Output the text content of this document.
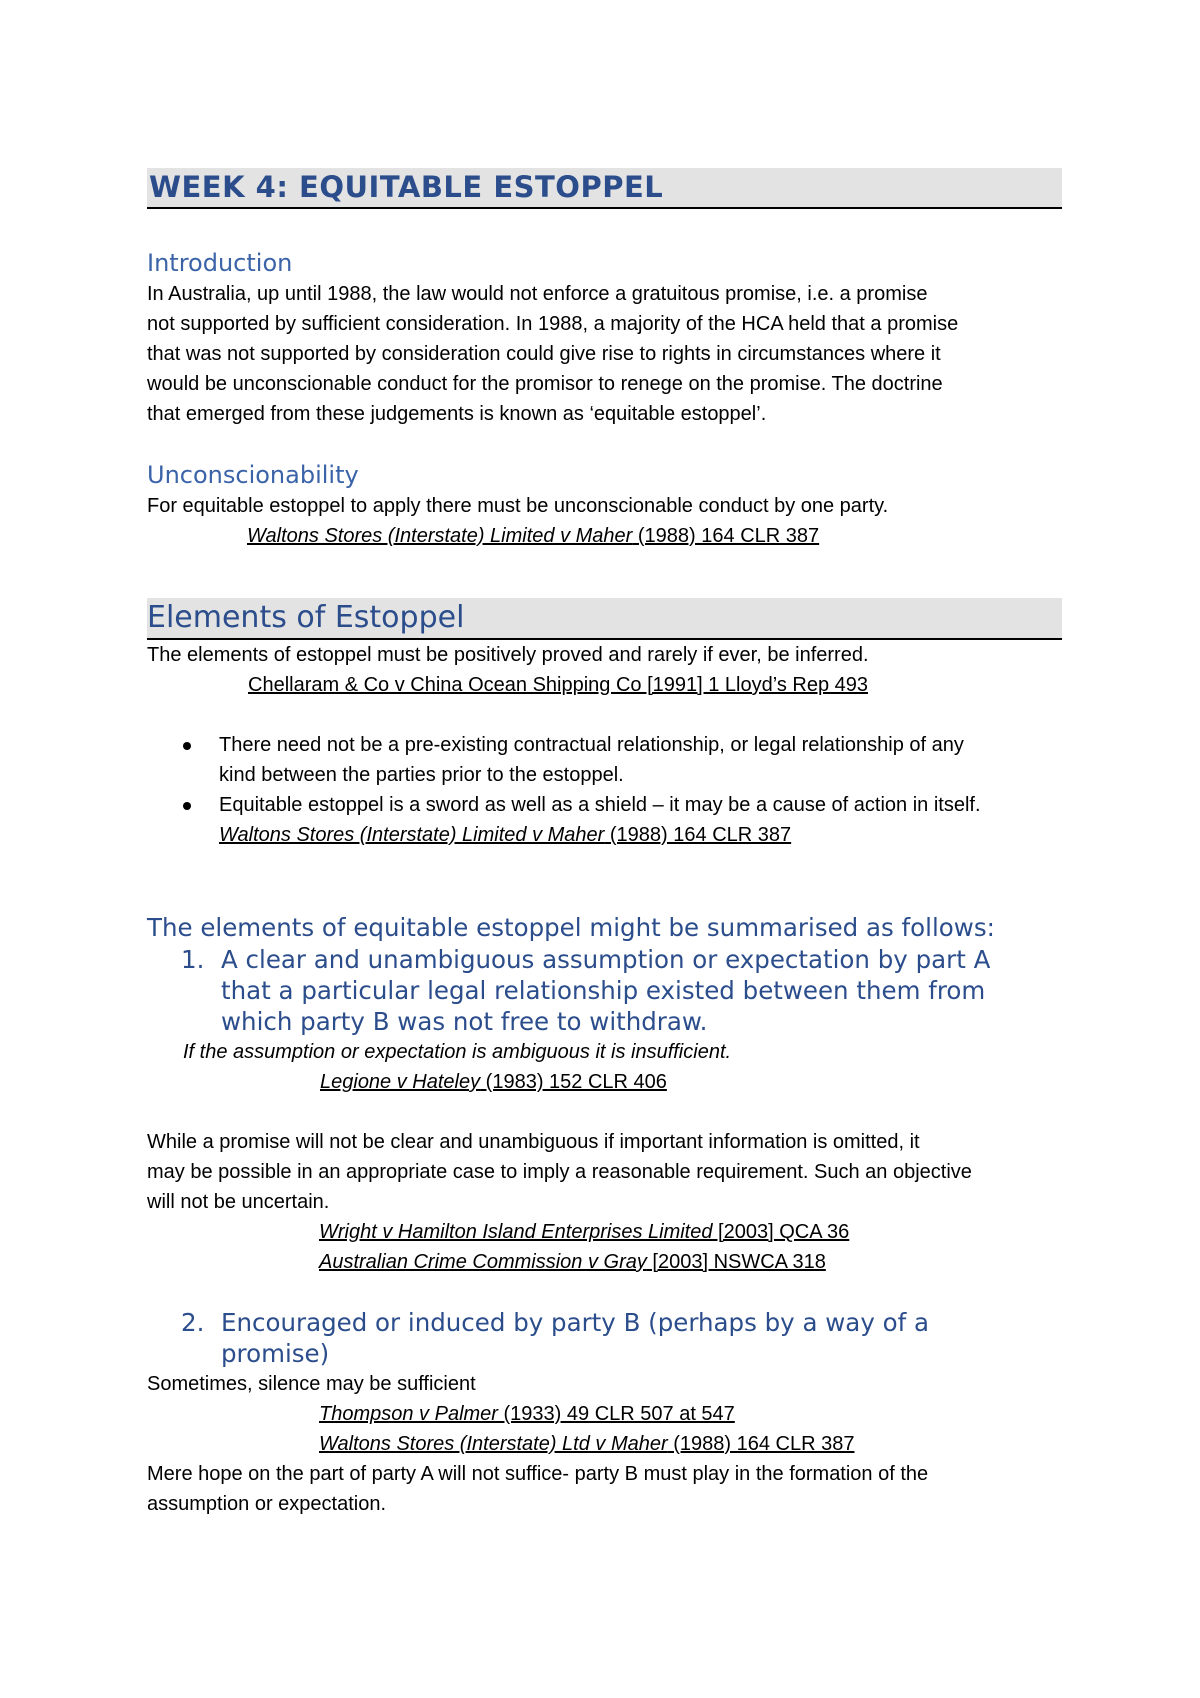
WEEK 4: EQUITABLE ESTOPPEL

Introduction

In Australia, up until 1988, the law would not enforce a gratuitous promise, i.e. a promise

not supported by sufficient consideration. In 1988, a majority of the HCA held that a promise

that was not supported by consideration could give rise to rights in circumstances where it

would be unconscionable conduct for the promisor to renege on the promise. The doctrine

that emerged from these judgements is known as ‘equitable estoppel’.

Unconscionability

For equitable estoppel to apply there must be unconscionable conduct by one party.

Waltons Stores (Interstate) Limited v Maher (1988) 164 CLR 387

Elements of Estoppel

The elements of estoppel must be positively proved and rarely if ever, be inferred.

Chellaram & Co v China Ocean Shipping Co [1991] 1 Lloyd’s Rep 493

There need not be a pre-existing contractual relationship, or legal relationship of any
kind between the parties prior to the estoppel.
Equitable estoppel is a sword as well as a shield – it may be a cause of action in itself.
Waltons Stores (Interstate) Limited v Maher (1988) 164 CLR 387

The elements of equitable estoppel might be summarised as follows:

1. A clear and unambiguous assumption or expectation by part A
that a particular legal relationship existed between them from
which party B was not free to withdraw.

If the assumption or expectation is ambiguous it is insufficient.

Legione v Hateley (1983) 152 CLR 406

While a promise will not be clear and unambiguous if important information is omitted, it

may be possible in an appropriate case to imply a reasonable requirement. Such an objective

will not be uncertain.

Wright v Hamilton Island Enterprises Limited [2003] QCA 36

Australian Crime Commission v Gray [2003] NSWCA 318

2. Encouraged or induced by party B (perhaps by a way of a
promise)

Sometimes, silence may be sufficient

Thompson v Palmer (1933) 49 CLR 507 at 547

Waltons Stores (Interstate) Ltd v Maher (1988) 164 CLR 387

Mere hope on the part of party A will not suffice- party B must play in the formation of the

assumption or expectation.
